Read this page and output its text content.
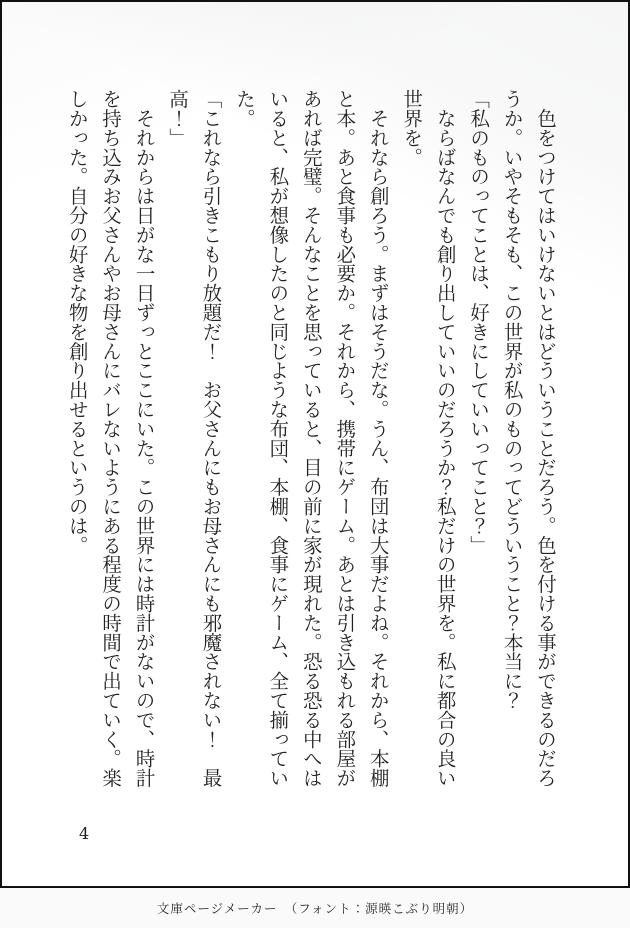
　色をつけてはいけないとはどういうことだろう。色を付ける事ができるのだろ
うか。いやそもそも、この世界が私のものってどういうこと？本当に？
「私のものってことは、好きにしていいってこと？」
　ならばなんでも創り出していいのだろうか？私だけの世界を。私に都合の良い
世界を。
　それなら創ろう。まずはそうだな。うん、布団は大事だよね。それから、本棚
と本。あと食事も必要か。それから、携帯にゲーム。あとは引き込もれる部屋が
あれば完璧。そんなことを思っていると、目の前に家が現れた。恐る恐る中へは
いると、私が想像したのと同じような布団、本棚、食事にゲーム、全て揃ってい
た。
「これなら引きこもり放題だ！　お父さんにもお母さんにも邪魔されない！　最
高！」
　それからは日がな一日ずっとここにいた。この世界には時計がないので、時計
を持ち込みお父さんやお母さんにバレないようにある程度の時間で出ていく。楽
しかった。自分の好きな物を創り出せるというのは。
4
文庫ページメーカー　（フォント：源暎こぶり明朝）
